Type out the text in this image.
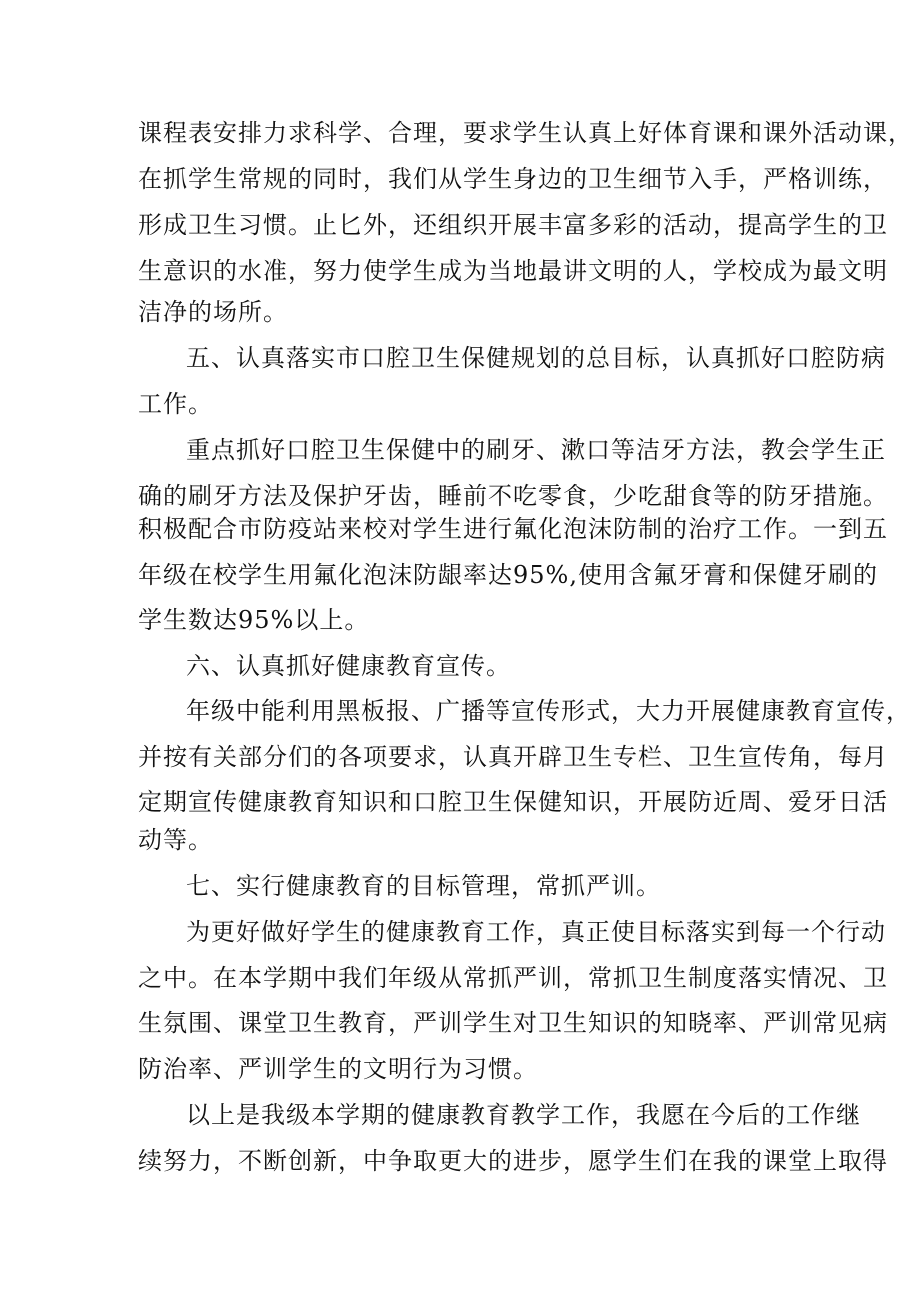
课程表安排力求科学、合理，要求学生认真上好体育课和课外活动课，

在抓学生常规的同时，我们从学生身边的卫生细节入手，严格训练，

形成卫生习惯。止匕外，还组织开展丰富多彩的活动，提高学生的卫

生意识的水准，努力使学生成为当地最讲文明的人，学校成为最文明

洁净的场所。

五、认真落实市口腔卫生保健规划的总目标，认真抓好口腔防病

工作。

重点抓好口腔卫生保健中的刷牙、漱口等洁牙方法，教会学生正

确的刷牙方法及保护牙齿，睡前不吃零食，少吃甜食等的防牙措施。

积极配合市防疫站来校对学生进行氟化泡沫防制的治疗工作。一到五

年级在校学生用氟化泡沫防龈率达95%,使用含氟牙膏和保健牙刷的

学生数达95%以上。

六、认真抓好健康教育宣传。

年级中能利用黑板报、广播等宣传形式，大力开展健康教育宣传，

并按有关部分们的各项要求，认真开辟卫生专栏、卫生宣传角，每月

定期宣传健康教育知识和口腔卫生保健知识，开展防近周、爱牙日活

动等。

七、实行健康教育的目标管理，常抓严训。

为更好做好学生的健康教育工作，真正使目标落实到每一个行动

之中。在本学期中我们年级从常抓严训，常抓卫生制度落实情况、卫

生氛围、课堂卫生教育，严训学生对卫生知识的知晓率、严训常见病

防治率、严训学生的文明行为习惯。

以上是我级本学期的健康教育教学工作，我愿在今后的工作继

续努力，不断创新，中争取更大的进步，愿学生们在我的课堂上取得
